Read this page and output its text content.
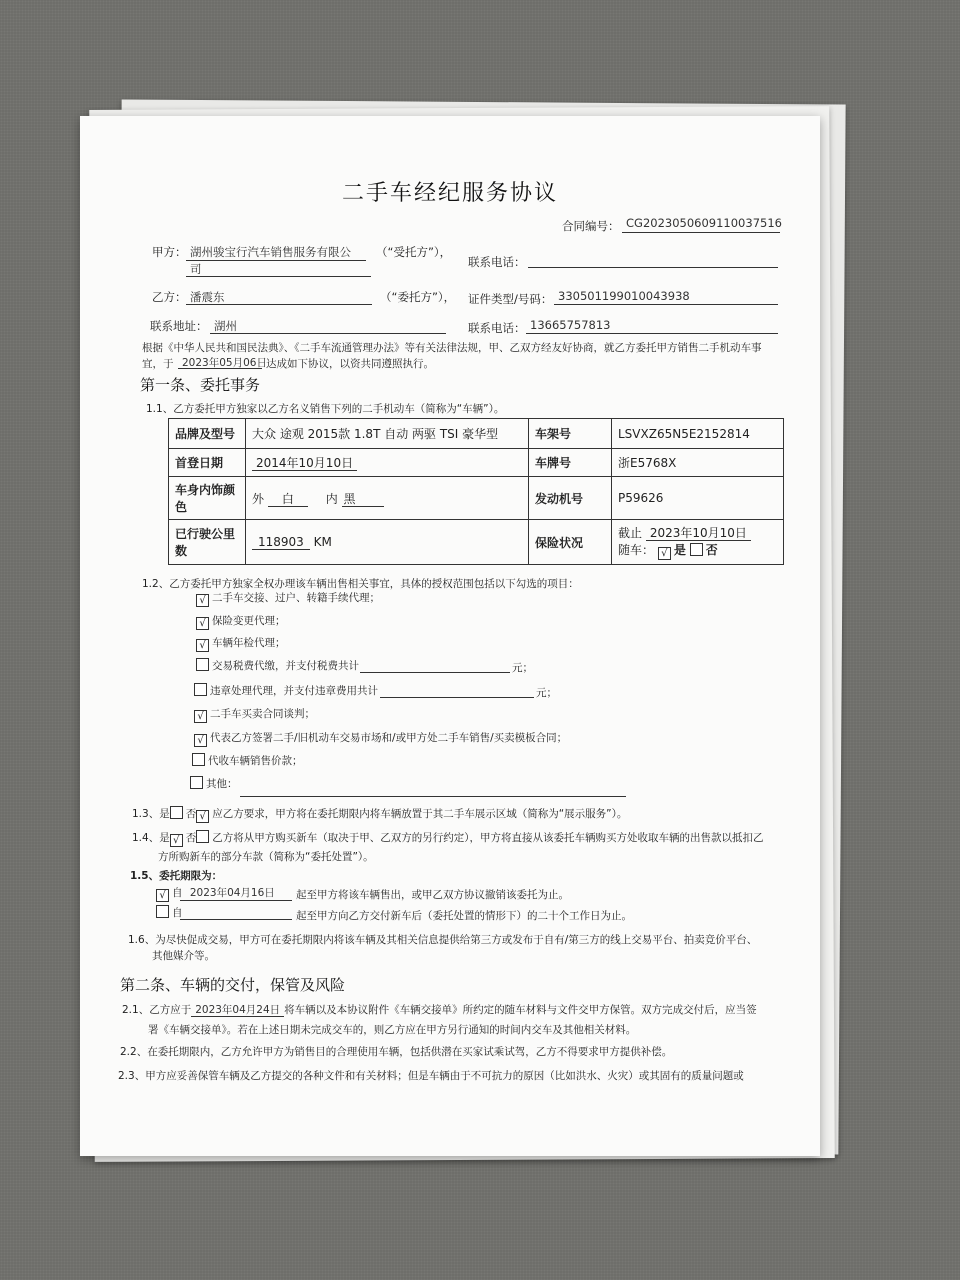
二手车经纪服务协议
合同编号： CG2023050609110037516
甲方： 湖州骏宝行汽车销售服务有限公
司
（“受托方”），
联系电话：
乙方： 潘震东	（“委托方”）， 证件类型/号码： 330501199010043938
联系地址： 湖州	联系电话： 13665757813
根据《中华人民共和国民法典》、《二手车流通管理办法》等有关法律法规，甲、乙双方经友好协商，就乙方委托甲方销售二手机动车事
宜，于 2023年05月06日 达成如下协议，以资共同遵照执行。
第一条、委托事务
1.1、乙方委托甲方独家以乙方名义销售下列的二手机动车（简称为“车辆”）。
品牌及型号	大众 途观 2015款 1.8T 自动 两驱 TSI 豪华型	车架号	LSVXZ65N5E2152814
首登日期	2014年10月10日	车牌号	浙E5768X
车身内饰颜色	外 白 内 黑	发动机号	P59626
已行驶公里数	118903 KM	保险状况	截止 2023年10月10日
随车： √ 是 否
1.2、乙方委托甲方独家全权办理该车辆出售相关事宜，具体的授权范围包括以下勾选的项目：
√ 二手车交接、过户、转籍手续代理；
√ 保险变更代理；
√ 车辆年检代理；
交易税费代缴，并支付税费共计	元；
违章处理代理，并支付违章费用共计	元；
√ 二手车买卖合同谈判；
√ 代表乙方签署二手/旧机动车交易市场和/或甲方处二手车销售/买卖模板合同；
代收车辆销售价款；
其他：
1.3、是 否 √ 应乙方要求，甲方将在委托期限内将车辆放置于其二手车展示区域（简称为“展示服务”）。
1.4、是 √ 否 乙方将从甲方购买新车（取决于甲、乙双方的另行约定），甲方将直接从该委托车辆购买方处收取车辆的出售款以抵扣乙
方所购新车的部分车款（简称为“委托处置”）。
1.5、委托期限为：
√ 自 2023年04月16日 起至甲方将该车辆售出，或甲乙双方协议撤销该委托为止。
自	起至甲方向乙方交付新车后（委托处置的情形下）的二十个工作日为止。
1.6、为尽快促成交易，甲方可在委托期限内将该车辆及其相关信息提供给第三方或发布于自有/第三方的线上交易平台、拍卖竞价平台、
其他媒介等。
第二条、车辆的交付，保管及风险
2.1、乙方应于 2023年04月24日 将车辆以及本协议附件《车辆交接单》所约定的随车材料与文件交甲方保管。双方完成交付后，应当签
署《车辆交接单》。若在上述日期未完成交车的，则乙方应在甲方另行通知的时间内交车及其他相关材料。
2.2、在委托期限内，乙方允许甲方为销售目的合理使用车辆，包括供潜在买家试乘试驾，乙方不得要求甲方提供补偿。
2.3、甲方应妥善保管车辆及乙方提交的各种文件和有关材料；但是车辆由于不可抗力的原因（比如洪水、火灾）或其固有的质量问题或
